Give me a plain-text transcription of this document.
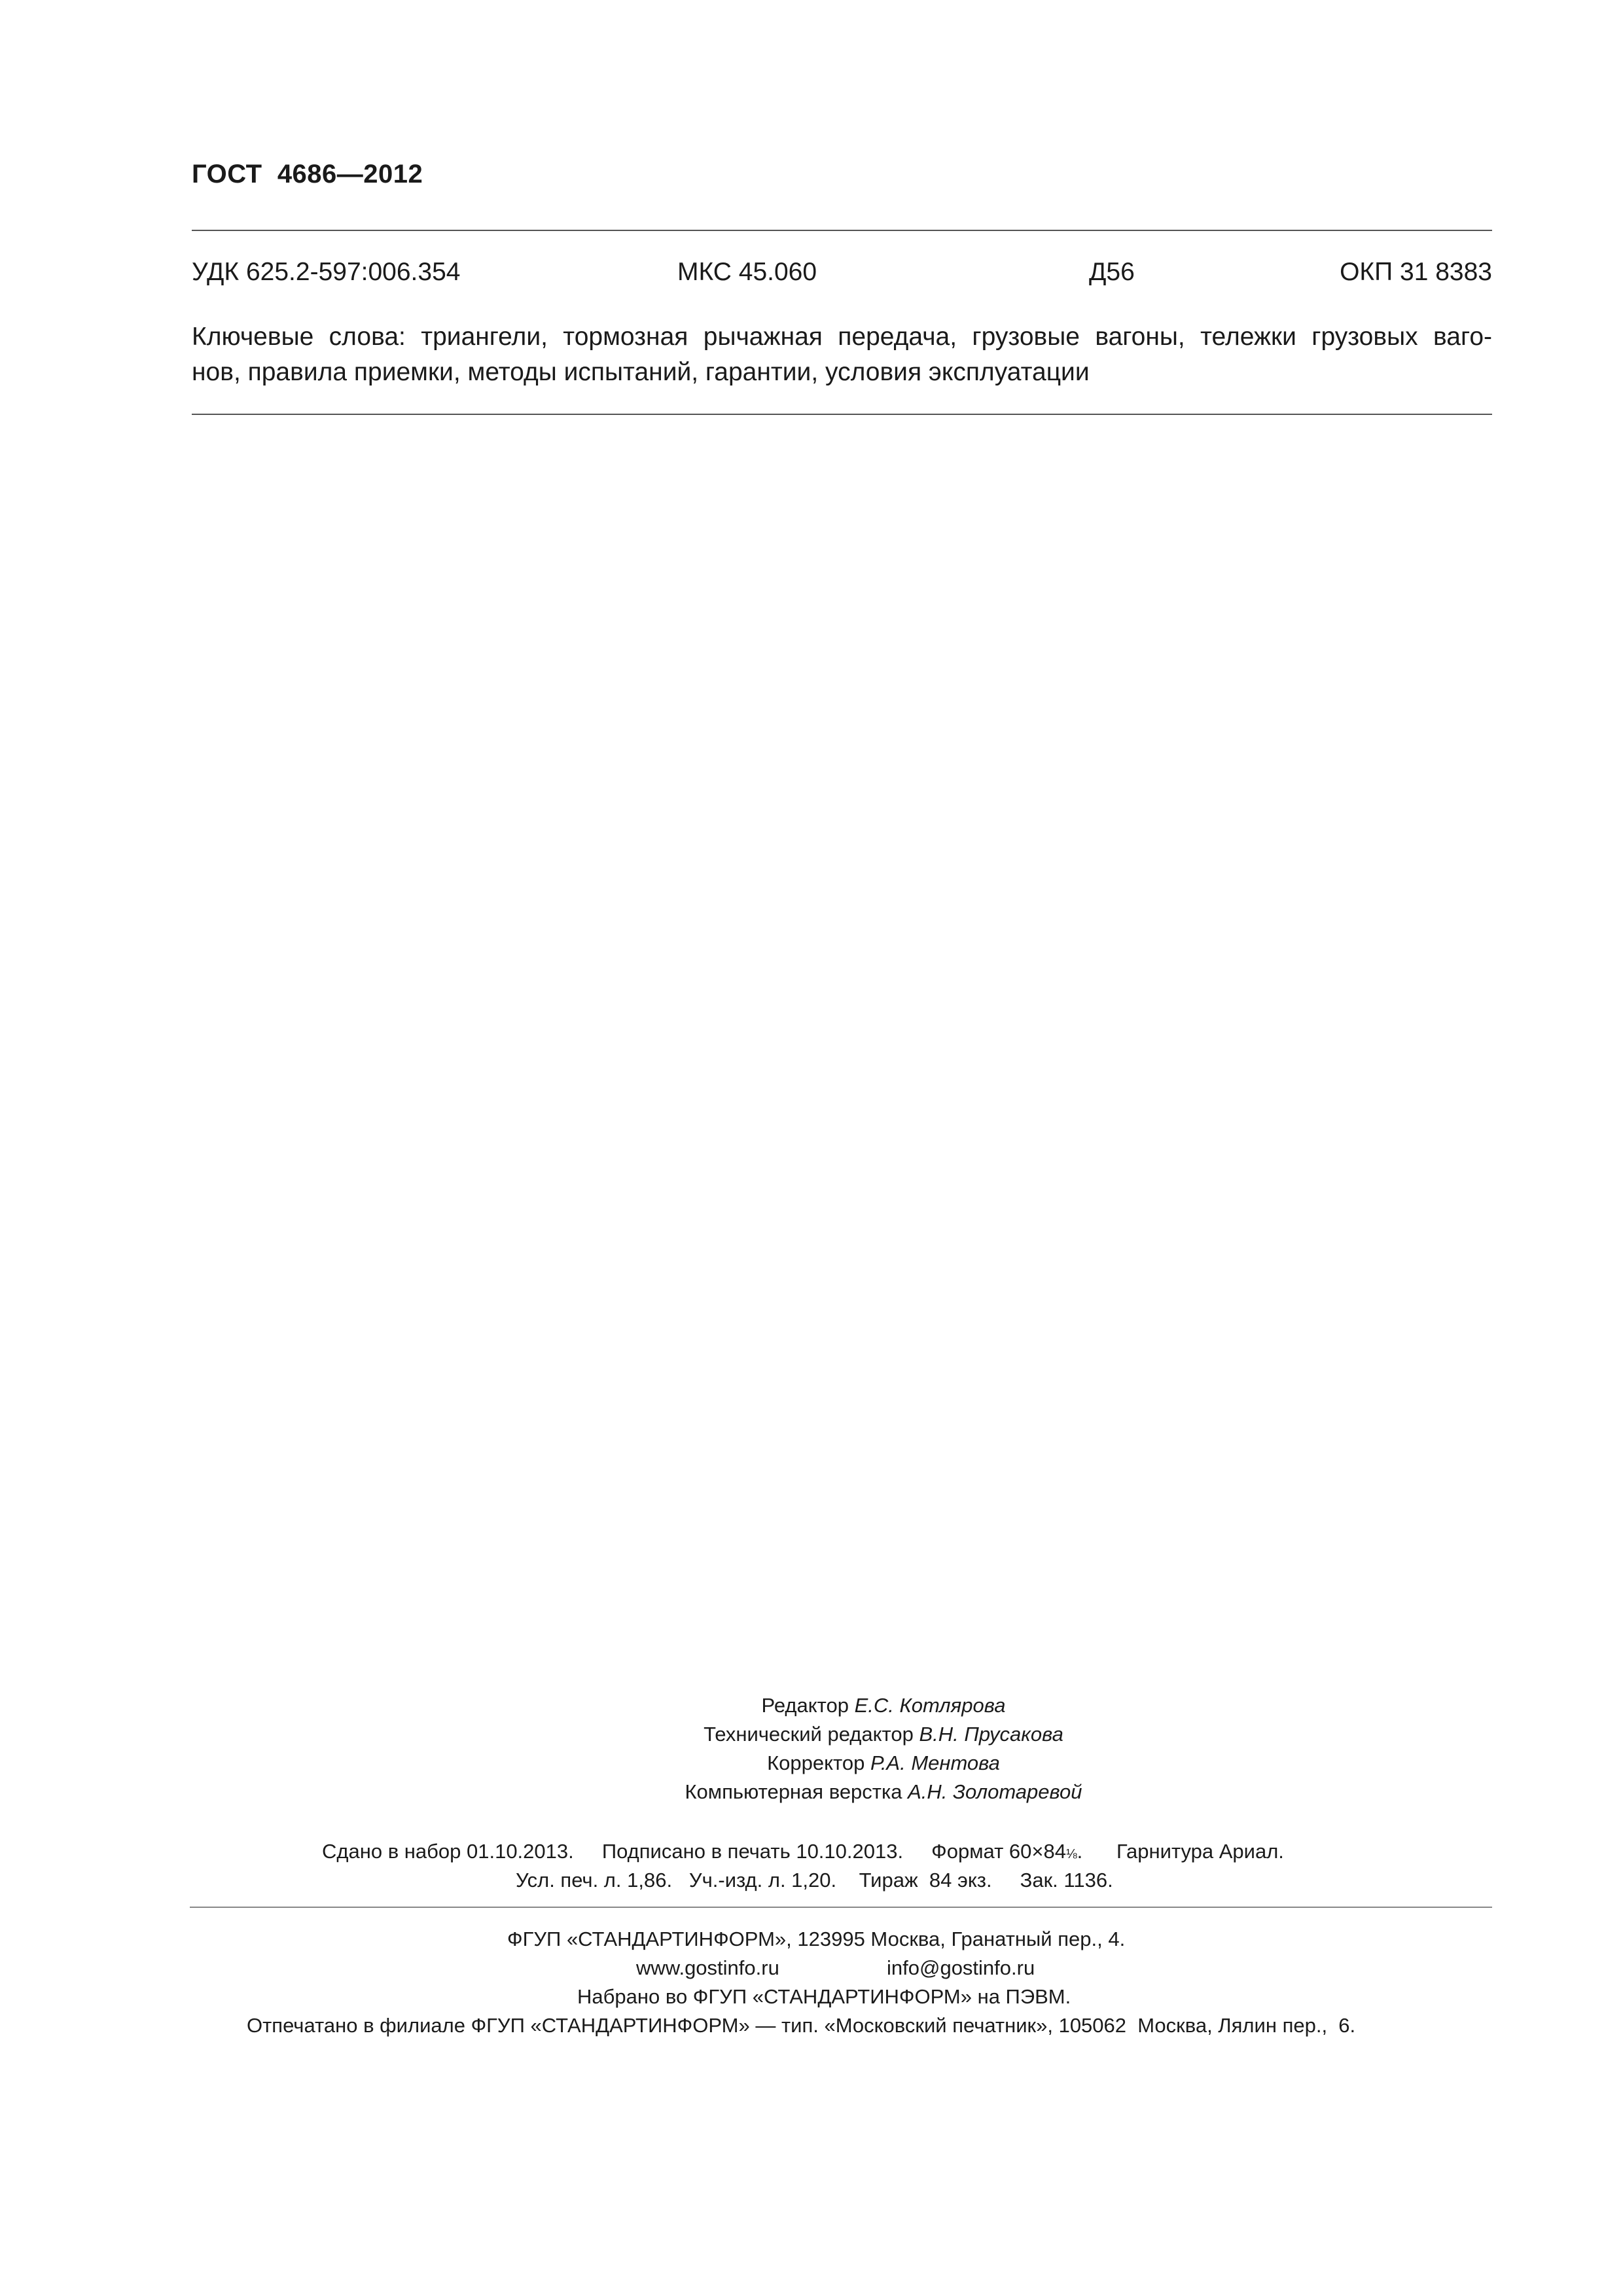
ГОСТ  4686—2012
УДК 625.2-597:006.354	МКС 45.060	Д56	ОКП 31 8383
Ключевые слова: триангели, тормозная рычажная передача, грузовые вагоны, тележки грузовых ваго-
нов, правила приемки, методы испытаний, гарантии, условия эксплуатации
Редактор Е.С. Котлярова
Технический редактор В.Н. Прусакова
Корректор Р.А. Ментова
Компьютерная верстка А.Н. Золотаревой
Сдано в набор 01.10.2013. Подписано в печать 10.10.2013. Формат 60×84⅛. Гарнитура Ариал.
Усл. печ. л. 1,86. Уч.-изд. л. 1,20. Тираж  84 экз. Зак. 1136.
ФГУП «СТАНДАРТИНФОРМ», 123995 Москва, Гранатный пер., 4.
www.gostinfo.ru	info@gostinfo.ru
Набрано во ФГУП «СТАНДАРТИНФОРМ» на ПЭВМ.
Отпечатано в филиале ФГУП «СТАНДАРТИНФОРМ» — тип. «Московский печатник», 105062  Москва, Лялин пер.,  6.
